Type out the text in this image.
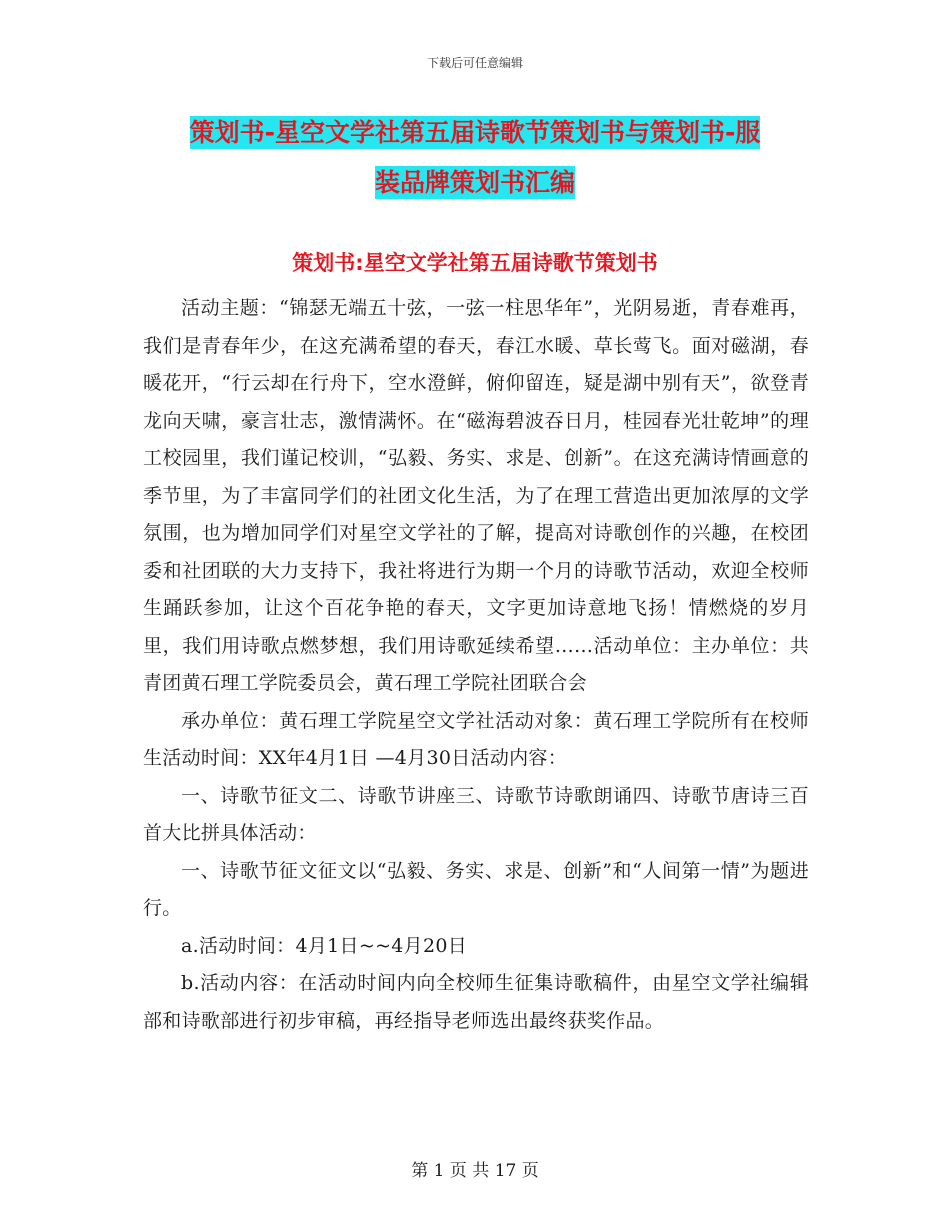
下载后可任意编辑
策划书-星空文学社第五届诗歌节策划书与策划书-服
装品牌策划书汇编
策划书:星空文学社第五届诗歌节策划书

活动主题：“锦瑟无端五十弦，一弦一柱思华年”，光阴易逝，青春难再，我们是青春年少，在这充满希望的春天，春江水暖、草长莺飞。面对磁湖，春暖花开，“行云却在行舟下，空水澄鲜，俯仰留连，疑是湖中别有天”，欲登青龙向天啸，豪言壮志，激情满怀。在“磁海碧波吞日月，桂园春光壮乾坤”的理工校园里，我们谨记校训，“弘毅、务实、求是、创新”。在这充满诗情画意的季节里，为了丰富同学们的社团文化生活，为了在理工营造出更加浓厚的文学氛围，也为增加同学们对星空文学社的了解，提高对诗歌创作的兴趣，在校团委和社团联的大力支持下，我社将进行为期一个月的诗歌节活动，欢迎全校师生踊跃参加，让这个百花争艳的春天，文字更加诗意地飞扬！情燃烧的岁月里，我们用诗歌点燃梦想，我们用诗歌延续希望……活动单位：主办单位：共青团黄石理工学院委员会，黄石理工学院社团联合会

承办单位：黄石理工学院星空文学社活动对象：黄石理工学院所有在校师生活动时间：XX年4月1日 —4月30日活动内容：

一、诗歌节征文二、诗歌节讲座三、诗歌节诗歌朗诵四、诗歌节唐诗三百首大比拼具体活动：

一、诗歌节征文征文以“弘毅、务实、求是、创新”和“人间第一情”为题进行。

a.活动时间：4月1日~~4月20日

b.活动内容：在活动时间内向全校师生征集诗歌稿件，由星空文学社编辑部和诗歌部进行初步审稿，再经指导老师选出最终获奖作品。

第 1 页 共 17 页
